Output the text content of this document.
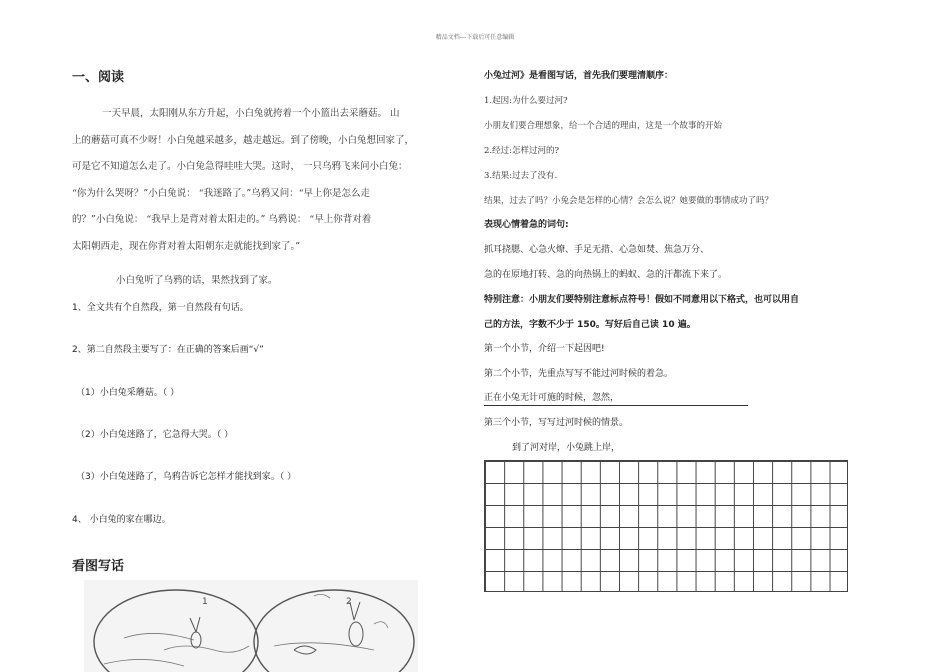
精品文档---下载后可任意编辑
一、阅读
一天早晨，太阳刚从东方升起，小白兔就挎着一个小篮出去采蘑菇。 山
上的蘑菇可真不少呀！小白兔越采越多，越走越远。到了傍晚，小白兔想回家了，
可是它不知道怎么走了。小白兔急得哇哇大哭。这时， 一只乌鸦飞来问小白兔：
“你为什么哭呀？”小白兔说： “我迷路了。”乌鸦又问：“早上你是怎么走
的？”小白兔说： “我早上是背对着太阳走的。” 乌鸦说： “早上你背对着
太阳朝西走，现在你背对着太阳朝东走就能找到家了。”
小白兔听了乌鸦的话，果然找到了家。
1、全文共有个自然段，第一自然段有句话。
2、第二自然段主要写了：在正确的答案后画“√”
（1）小白兔采蘑菇。（ ）
（2）小白兔迷路了，它急得大哭。（ ）
（3）小白兔迷路了，乌鸦告诉它怎样才能找到家。（ ）
4、 小白兔的家在哪边。
看图写话
1	2
小兔过河》是看图写话，首先我们要理清顺序：
1.起因:为什么要过河?
小朋友们要合理想象，给一个合适的理由，这是一个故事的开始
2.经过:怎样过河的?
3.结果:过去了没有.
结果，过去了吗？小兔会是怎样的心情？会怎么说？她要做的事情成功了吗？
表现心情着急的词句:
抓耳挠腮、心急火燎、手足无措、心急如焚、焦急万分、
急的在原地打转、急的向热锅上的蚂蚁、急的汗都流下来了。
特别注意：小朋友们要特别注意标点符号！假如不同意用以下格式，也可以用自
己的方法，字数不少于 150。写好后自己读 10 遍。
第一个小节，介绍一下起因吧!
第二个小节，先重点写写不能过河时候的着急。
正在小兔无计可施的时候，忽然，
第三个小节，写写过河时候的情景。
到了河对岸，小兔跳上岸，
